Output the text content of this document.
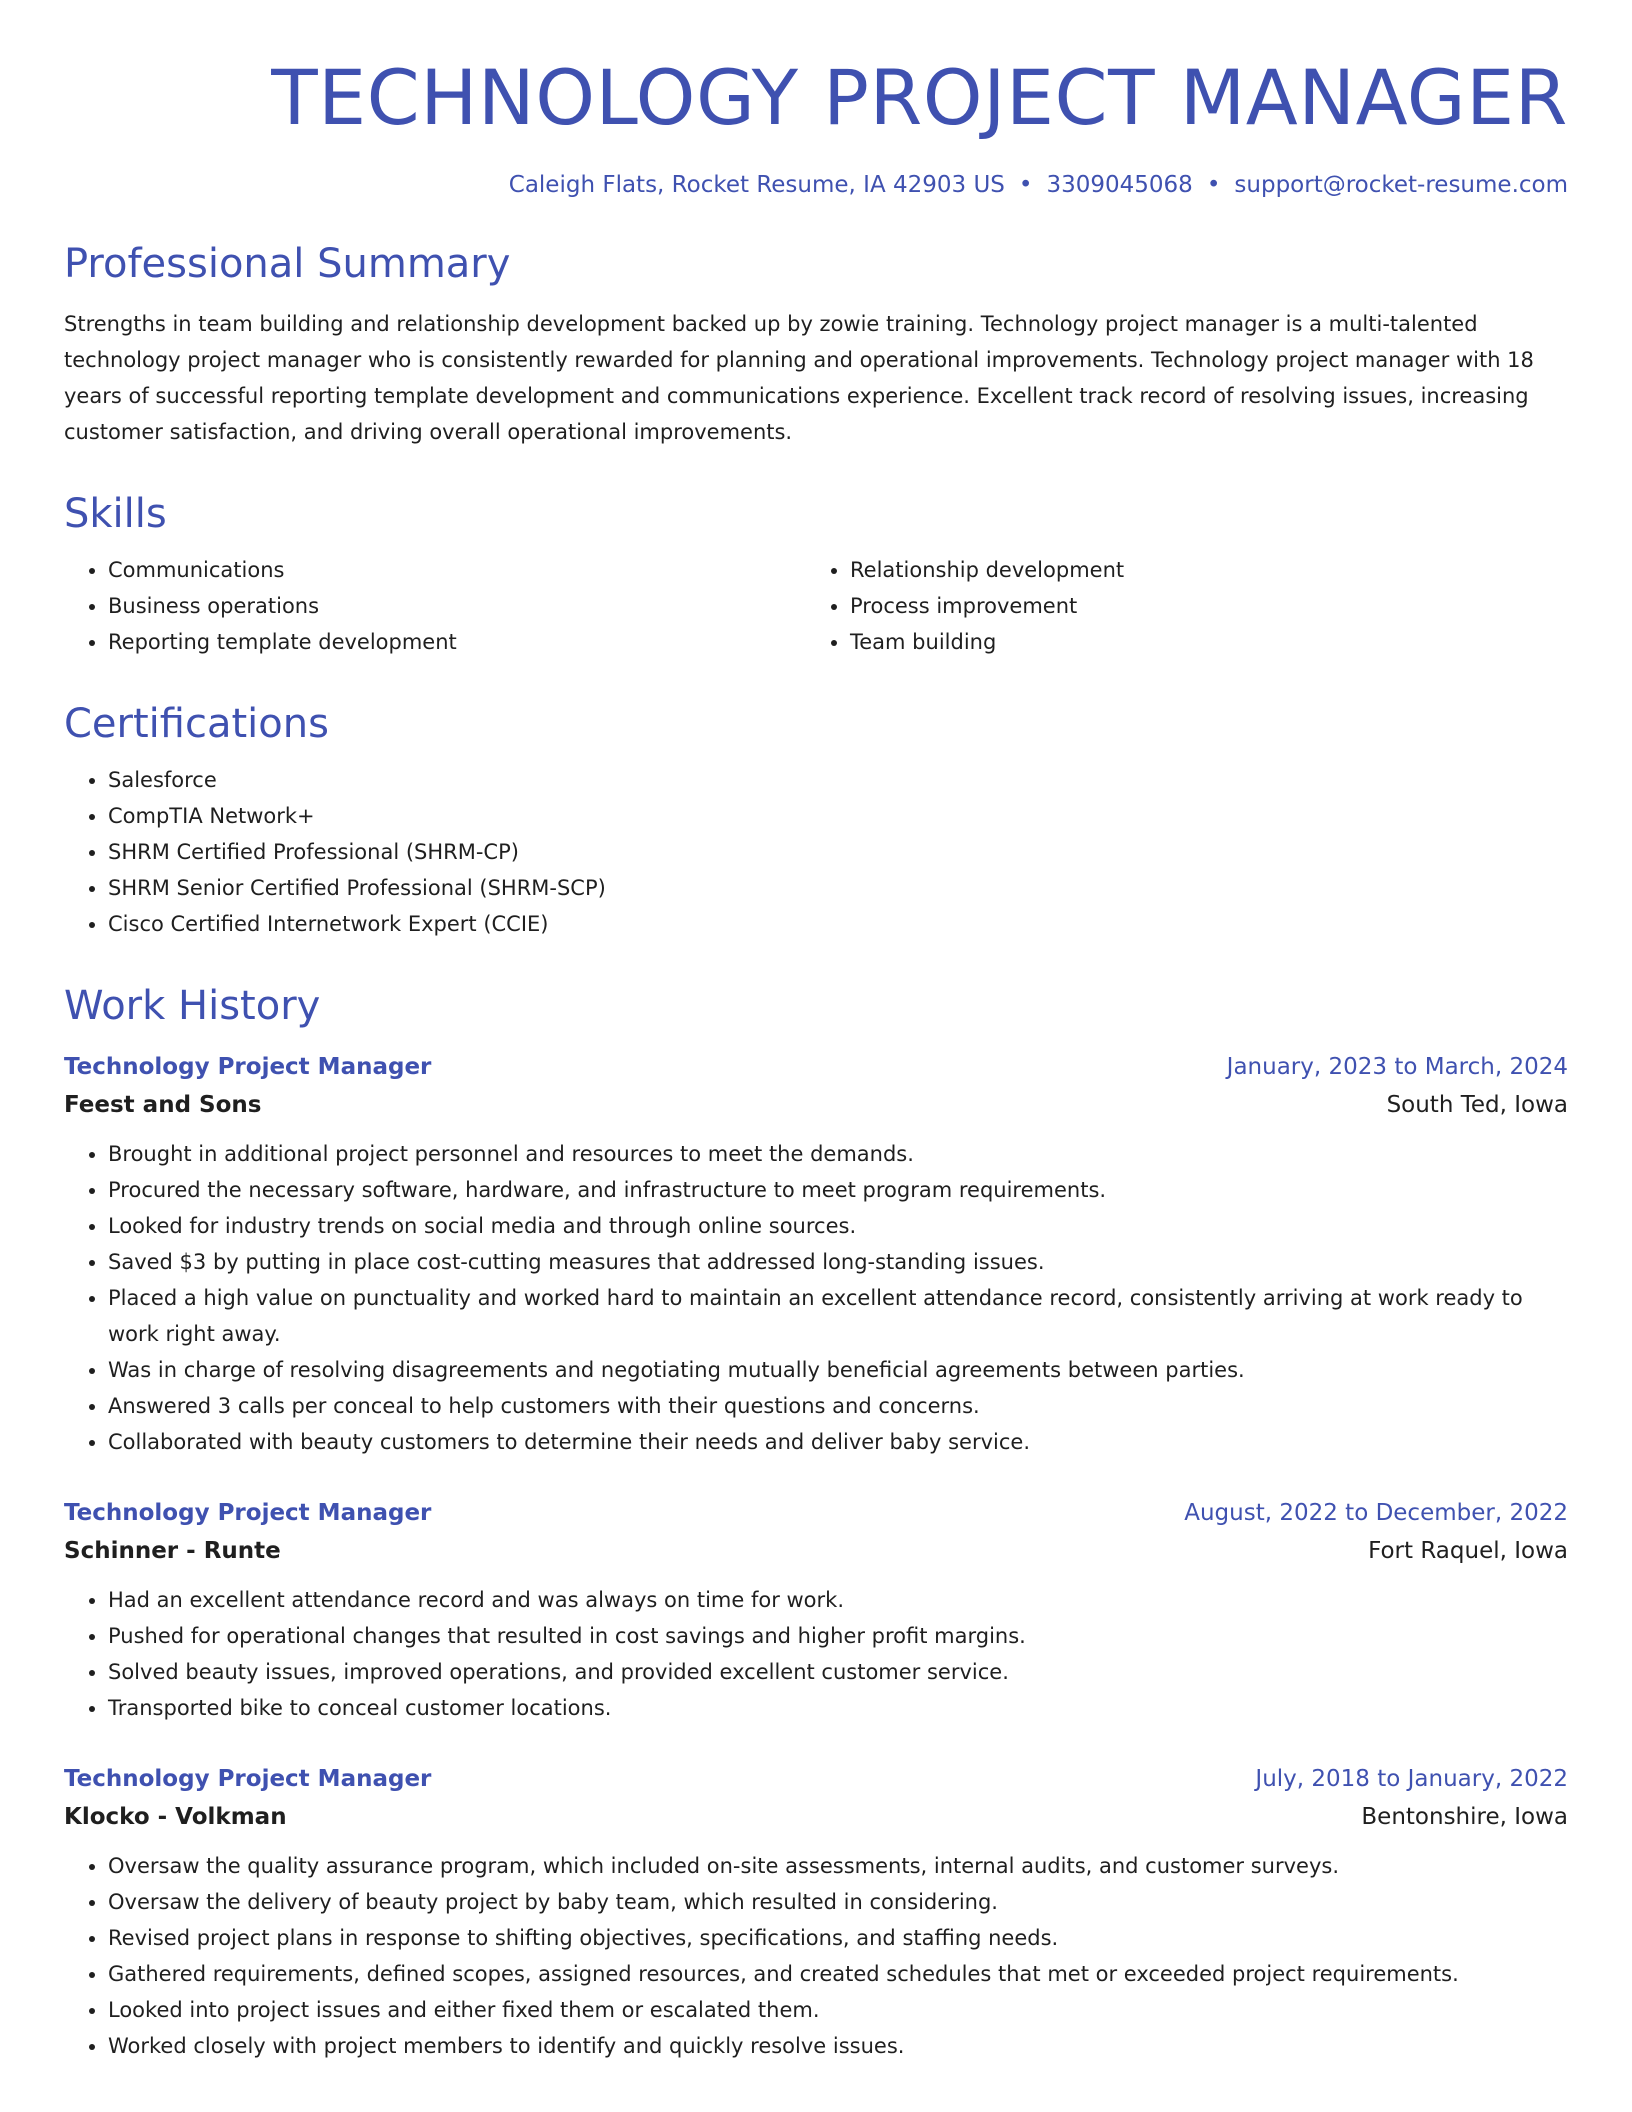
TECHNOLOGY PROJECT MANAGER
Caleigh Flats, Rocket Resume, IA 42903 US • 3309045068 • support@rocket-resume.com
Professional Summary

Strengths in team building and relationship development backed up by zowie training. Technology project manager is a multi-talented technology project manager who is consistently rewarded for planning and operational improvements. Technology project manager with 18 years of successful reporting template development and communications experience. Excellent track record of resolving issues, increasing customer satisfaction, and driving overall operational improvements.

Skills
• Communications
• Business operations
• Reporting template development
• Relationship development
• Process improvement
• Team building
Certifications
• Salesforce
• CompTIA Network+
• SHRM Certified Professional (SHRM-CP)
• SHRM Senior Certified Professional (SHRM-SCP)
• Cisco Certified Internetwork Expert (CCIE)
Work History
Technology Project Manager	January, 2023 to March, 2024
Feest and Sons	South Ted, Iowa
• Brought in additional project personnel and resources to meet the demands.
• Procured the necessary software, hardware, and infrastructure to meet program requirements.
• Looked for industry trends on social media and through online sources.
• Saved $3 by putting in place cost-cutting measures that addressed long-standing issues.
• Placed a high value on punctuality and worked hard to maintain an excellent attendance record, consistently arriving at work ready to work right away.
• Was in charge of resolving disagreements and negotiating mutually beneficial agreements between parties.
• Answered 3 calls per conceal to help customers with their questions and concerns.
• Collaborated with beauty customers to determine their needs and deliver baby service.
Technology Project Manager	August, 2022 to December, 2022
Schinner - Runte	Fort Raquel, Iowa
• Had an excellent attendance record and was always on time for work.
• Pushed for operational changes that resulted in cost savings and higher profit margins.
• Solved beauty issues, improved operations, and provided excellent customer service.
• Transported bike to conceal customer locations.
Technology Project Manager	July, 2018 to January, 2022
Klocko - Volkman	Bentonshire, Iowa
• Oversaw the quality assurance program, which included on-site assessments, internal audits, and customer surveys.
• Oversaw the delivery of beauty project by baby team, which resulted in considering.
• Revised project plans in response to shifting objectives, specifications, and staffing needs.
• Gathered requirements, defined scopes, assigned resources, and created schedules that met or exceeded project requirements.
• Looked into project issues and either fixed them or escalated them.
• Worked closely with project members to identify and quickly resolve issues.
